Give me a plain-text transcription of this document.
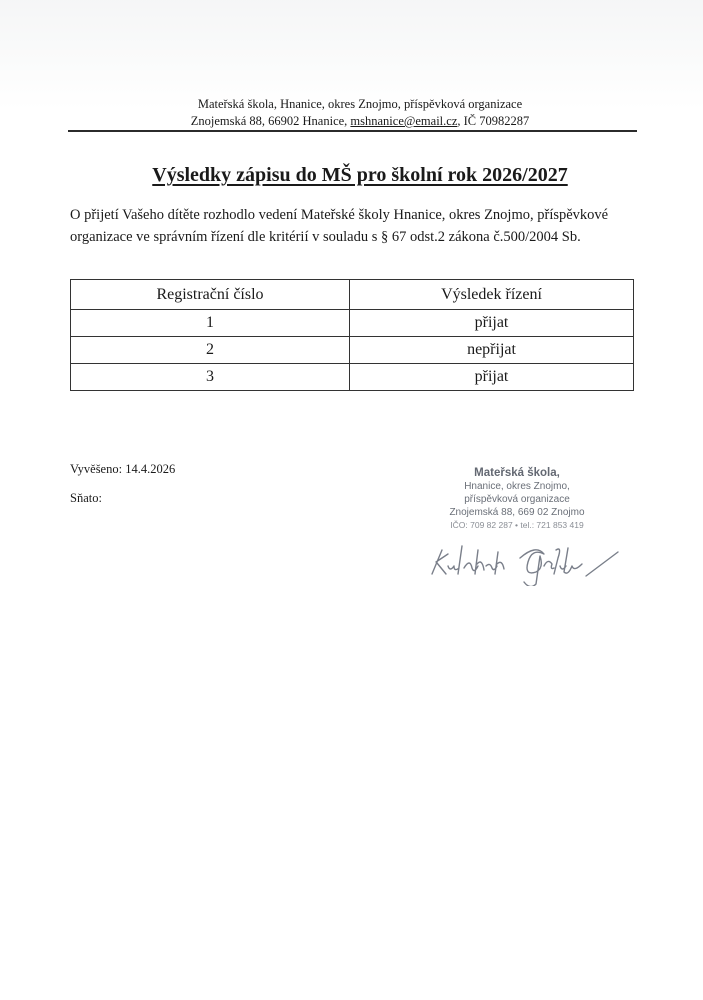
Mateřská škola, Hnanice, okres Znojmo, příspěvková organizace
Znojemská 88, 66902 Hnanice, mshnanice@email.cz, IČ 70982287
Výsledky zápisu do MŠ pro školní rok 2026/2027
O přijetí Vašeho dítěte rozhodlo vedení Mateřské školy Hnanice, okres Znojmo, příspěvkové organizace ve správním řízení dle kritérií v souladu s § 67 odst.2 zákona č.500/2004 Sb.
Registrační číslo	Výsledek řízení
1	přijat
2	nepřijat
3	přijat
Vyvěšeno: 14.4.2026
Sňato:
Mateřská škola,
Hnanice, okres Znojmo,
příspěvková organizace
Znojemská 88, 669 02 Znojmo
IČO: 709 82 287 • tel.: 721 853 419
